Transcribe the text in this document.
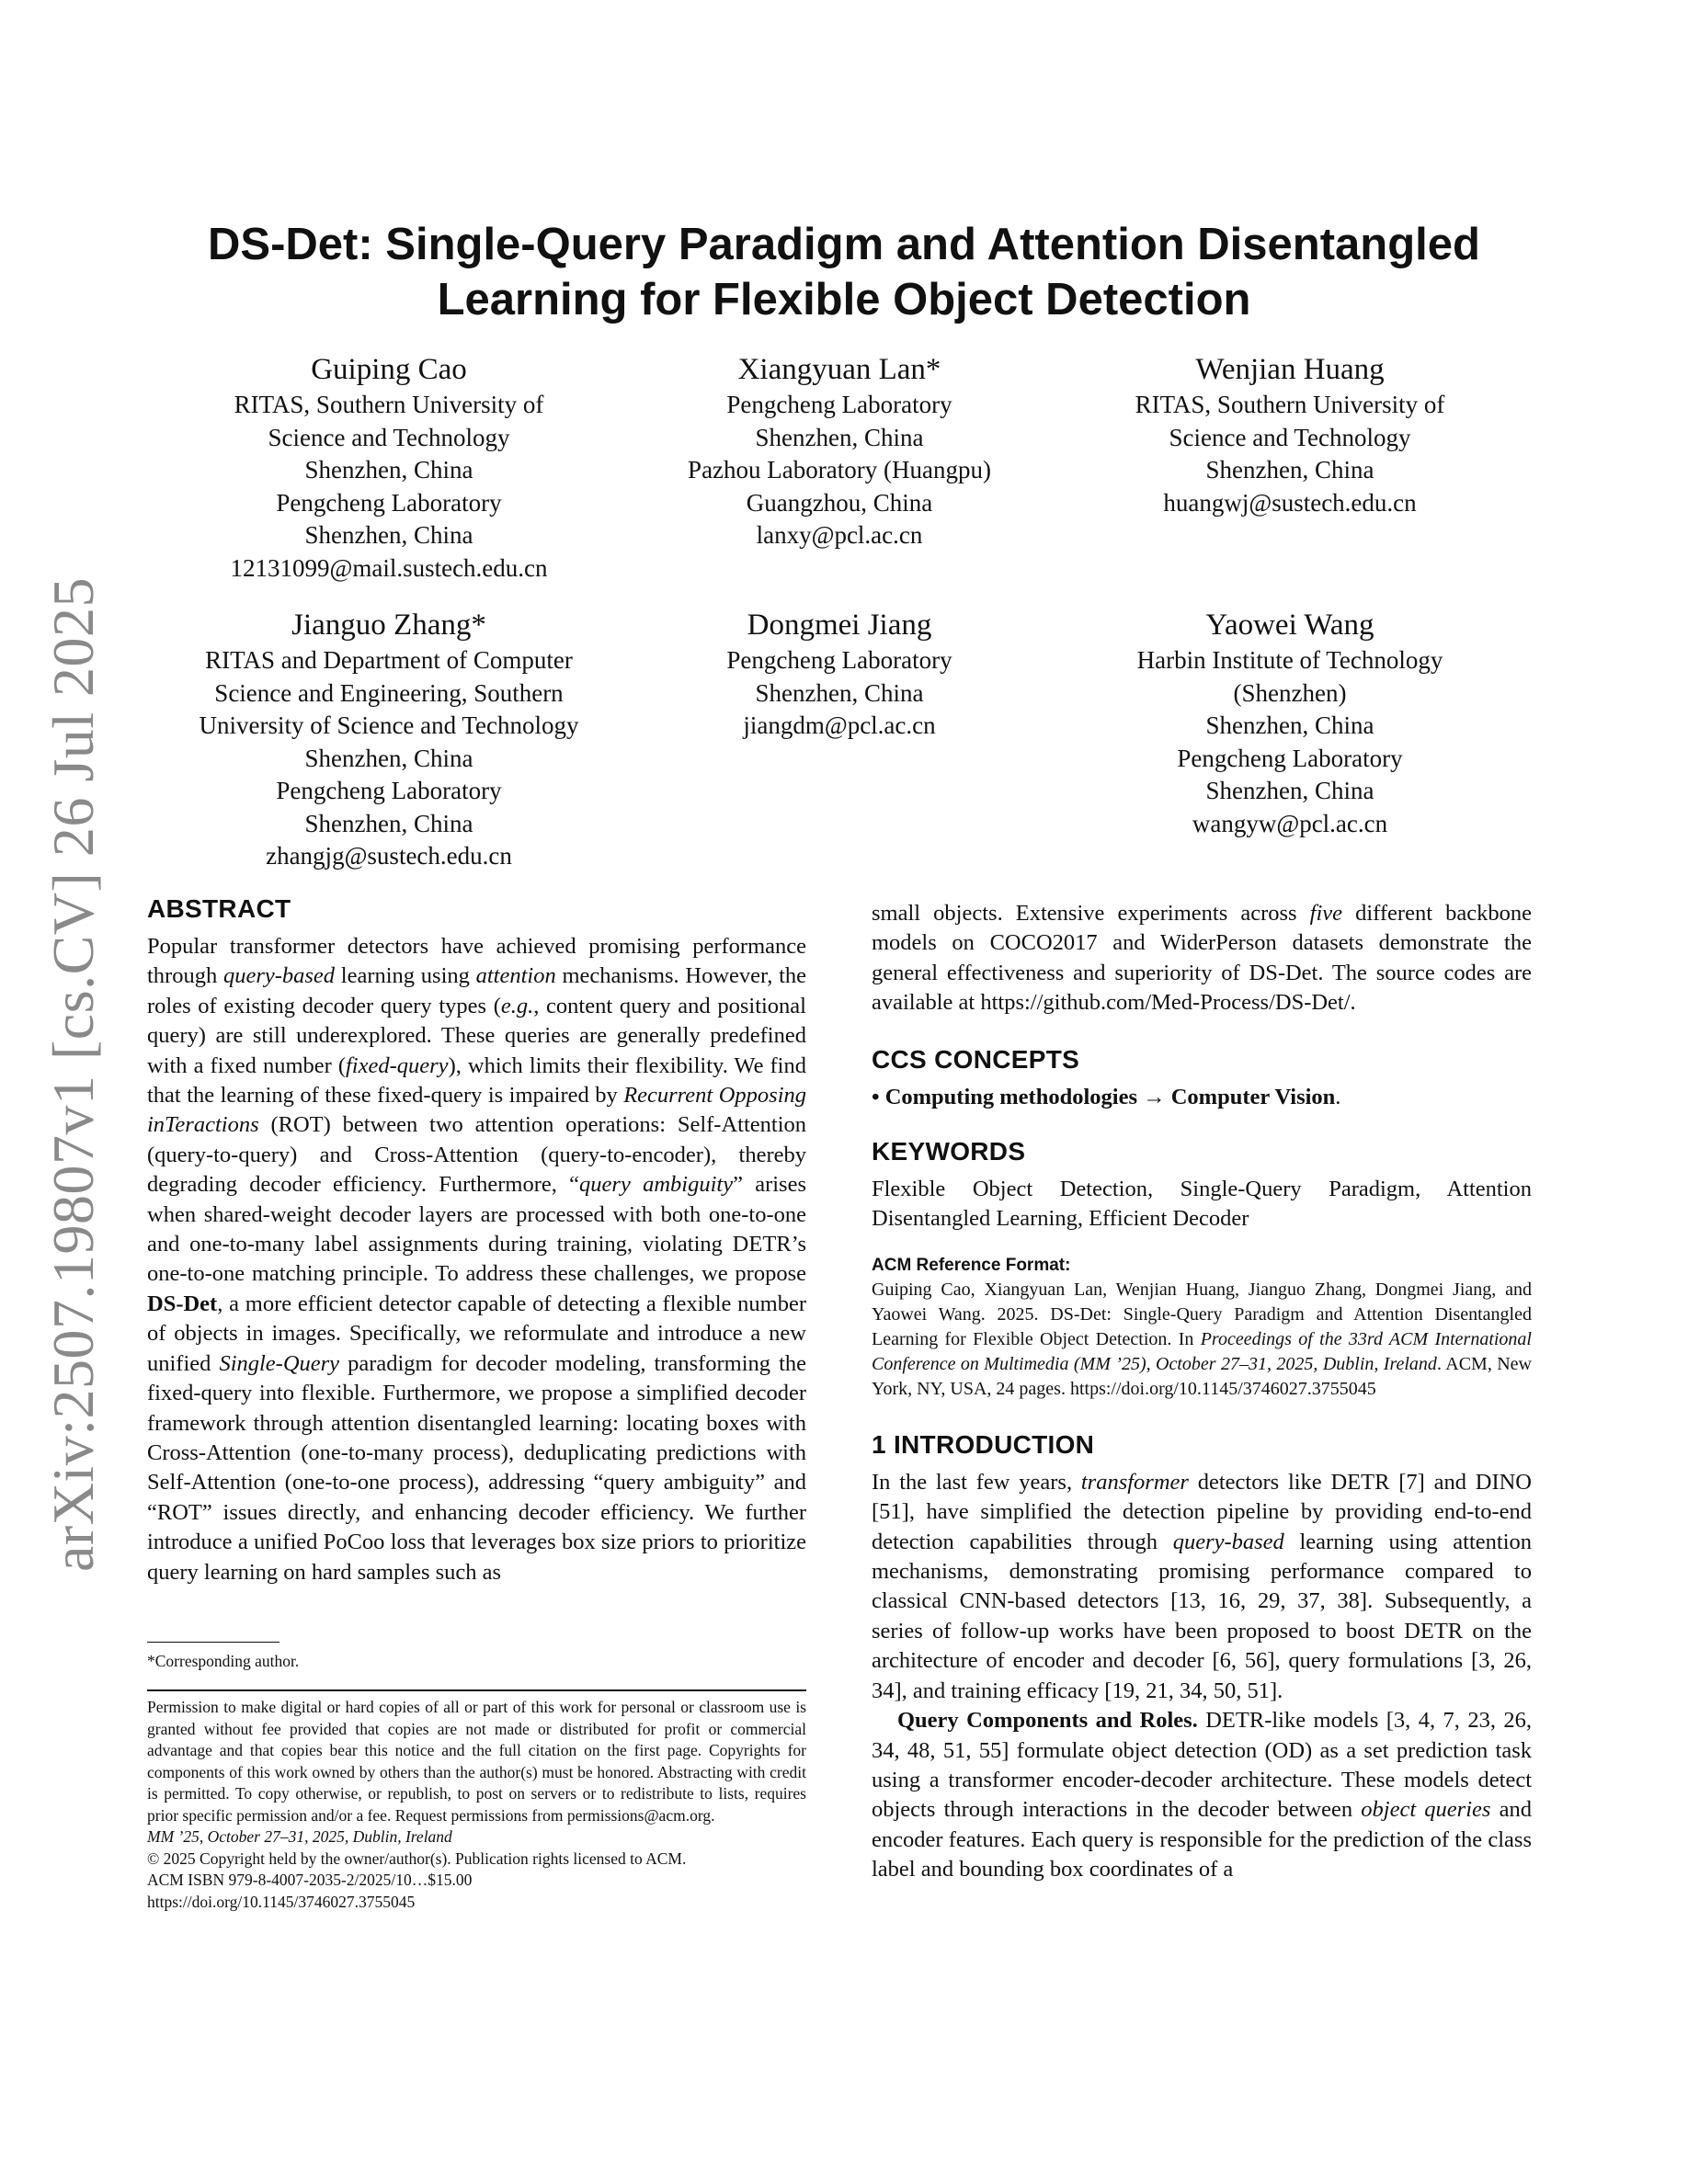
arXiv:2507.19807v1 [cs.CV] 26 Jul 2025
DS-Det: Single-Query Paradigm and Attention Disentangled
Learning for Flexible Object Detection
Guiping Cao
RITAS, Southern University of
Science and Technology
Shenzhen, China
Pengcheng Laboratory
Shenzhen, China
12131099@mail.sustech.edu.cn
Xiangyuan Lan*
Pengcheng Laboratory
Shenzhen, China
Pazhou Laboratory (Huangpu)
Guangzhou, China
lanxy@pcl.ac.cn
Wenjian Huang
RITAS, Southern University of
Science and Technology
Shenzhen, China
huangwj@sustech.edu.cn
Jianguo Zhang*
RITAS and Department of Computer
Science and Engineering, Southern
University of Science and Technology
Shenzhen, China
Pengcheng Laboratory
Shenzhen, China
zhangjg@sustech.edu.cn
Dongmei Jiang
Pengcheng Laboratory
Shenzhen, China
jiangdm@pcl.ac.cn
Yaowei Wang
Harbin Institute of Technology
(Shenzhen)
Shenzhen, China
Pengcheng Laboratory
Shenzhen, China
wangyw@pcl.ac.cn
ABSTRACT

Popular transformer detectors have achieved promising performance through query-based learning using attention mechanisms. However, the roles of existing decoder query types (e.g., content query and positional query) are still underexplored. These queries are generally predefined with a fixed number (fixed-query), which limits their flexibility. We find that the learning of these fixed-query is impaired by Recurrent Opposing inTeractions (ROT) between two attention operations: Self-Attention (query-to-query) and Cross-Attention (query-to-encoder), thereby degrading decoder efficiency. Furthermore, “query ambiguity” arises when shared-weight decoder layers are processed with both one-to-one and one-to-many label assignments during training, violating DETR’s one-to-one matching principle. To address these challenges, we propose DS-Det, a more efficient detector capable of detecting a flexible number of objects in images. Specifically, we reformulate and introduce a new unified Single-Query paradigm for decoder modeling, transforming the fixed-query into flexible. Furthermore, we propose a simplified decoder framework through attention disentangled learning: locating boxes with Cross-Attention (one-to-many process), deduplicating predictions with Self-Attention (one-to-one process), addressing “query ambiguity” and “ROT” issues directly, and enhancing decoder efficiency. We further introduce a unified PoCoo loss that leverages box size priors to prioritize query learning on hard samples such as

*Corresponding author.
Permission to make digital or hard copies of all or part of this work for personal or classroom use is granted without fee provided that copies are not made or distributed for profit or commercial advantage and that copies bear this notice and the full citation on the first page. Copyrights for components of this work owned by others than the author(s) must be honored. Abstracting with credit is permitted. To copy otherwise, or republish, to post on servers or to redistribute to lists, requires prior specific permission and/or a fee. Request permissions from permissions@acm.org.
MM ’25, October 27–31, 2025, Dublin, Ireland
© 2025 Copyright held by the owner/author(s). Publication rights licensed to ACM.
ACM ISBN 979-8-4007-2035-2/2025/10…$15.00
https://doi.org/10.1145/3746027.3755045

small objects. Extensive experiments across five different backbone models on COCO2017 and WiderPerson datasets demonstrate the general effectiveness and superiority of DS-Det. The source codes are available at https://github.com/Med-Process/DS-Det/.

CCS CONCEPTS

• Computing methodologies → Computer Vision.

KEYWORDS

Flexible Object Detection, Single-Query Paradigm, Attention Disentangled Learning, Efficient Decoder

ACM Reference Format:
Guiping Cao, Xiangyuan Lan, Wenjian Huang, Jianguo Zhang, Dongmei Jiang, and Yaowei Wang. 2025. DS-Det: Single-Query Paradigm and Attention Disentangled Learning for Flexible Object Detection. In Proceedings of the 33rd ACM International Conference on Multimedia (MM ’25), October 27–31, 2025, Dublin, Ireland. ACM, New York, NY, USA, 24 pages. https://doi.org/10.1145/3746027.3755045
1 INTRODUCTION

In the last few years, transformer detectors like DETR [7] and DINO [51], have simplified the detection pipeline by providing end-to-end detection capabilities through query-based learning using attention mechanisms, demonstrating promising performance compared to classical CNN-based detectors [13, 16, 29, 37, 38]. Subsequently, a series of follow-up works have been proposed to boost DETR on the architecture of encoder and decoder [6, 56], query formulations [3, 26, 34], and training efficacy [19, 21, 34, 50, 51].

Query Components and Roles. DETR-like models [3, 4, 7, 23, 26, 34, 48, 51, 55] formulate object detection (OD) as a set prediction task using a transformer encoder-decoder architecture. These models detect objects through interactions in the decoder between object queries and encoder features. Each query is responsible for the prediction of the class label and bounding box coordinates of a
